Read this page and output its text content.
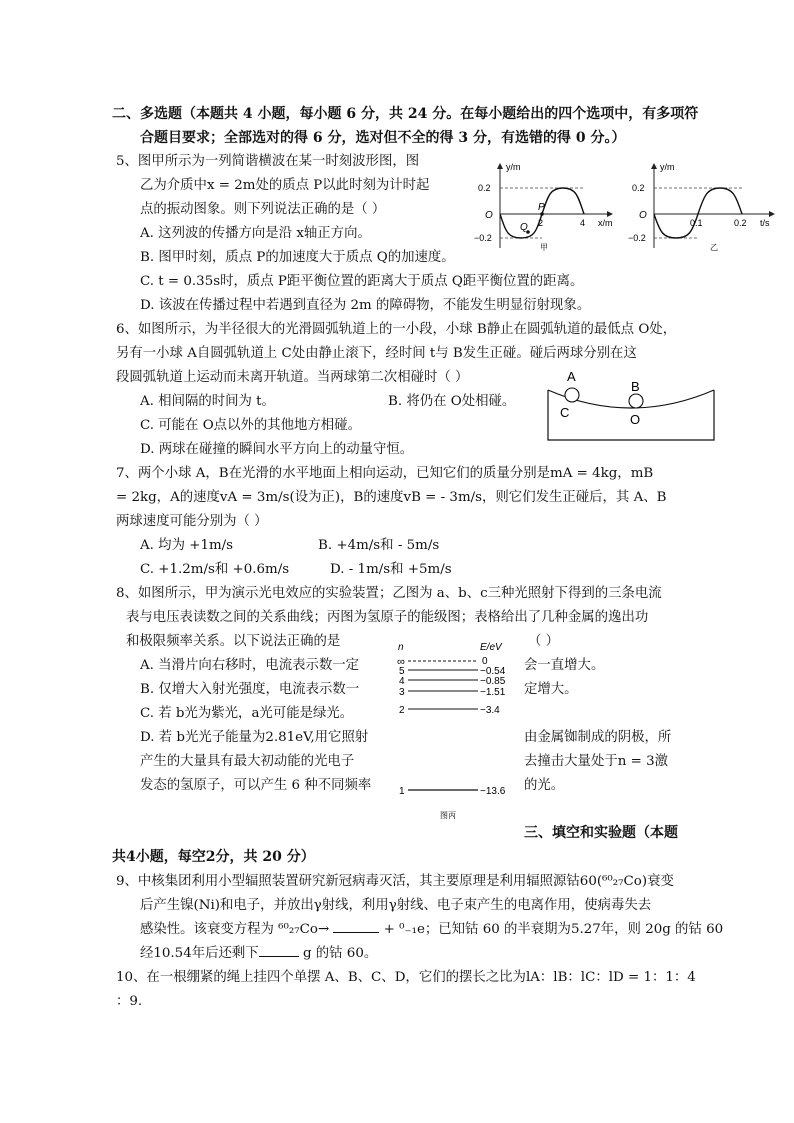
二、多选题（本题共 4 小题，每小题 6 分，共 24 分。在每小题给出的四个选项中，有多项符
合题目要求；全部选对的得 6 分，选对但不全的得 3 分，有选错的得 0 分。）
5、图甲所示为一列简谐横波在某一时刻波形图，图
乙为介质中x = 2m处的质点 P以此时刻为计时起
点的振动图象。则下列说法正确的是（ ）
A. 这列波的传播方向是沿 x轴正方向。
B. 图甲时刻，质点 P的加速度大于质点 Q的加速度。
C. t = 0.35s时，质点 P距平衡位置的距离大于质点 Q距平衡位置的距离。
D. 该波在传播过程中若遇到直径为 2m 的障碍物，不能发生明显衍射现象。
y/m
0.2
−0.2
O
2	4 x/m
P
Q
甲
y/m
0.2
−0.2
O
0.1	0.2 t/s
乙
6、如图所示，为半径很大的光滑圆弧轨道上的一小段，小球 B静止在圆弧轨道的最低点 O处，
另有一小球 A自圆弧轨道上 C处由静止滚下，经时间 t与 B发生正碰。碰后两球分别在这
段圆弧轨道上运动而未离开轨道。当两球第二次相碰时（ ）
A. 相间隔的时间为 t。	B. 将仍在 O处相碰。
C. 可能在 O点以外的其他地方相碰。
D. 两球在碰撞的瞬间水平方向上的动量守恒。
A
B
C	O
7、两个小球 A，B在光滑的水平地面上相向运动，已知它们的质量分别是mA = 4kg，mB
= 2kg，A的速度vA = 3m/s(设为正)，B的速度vB = - 3m/s，则它们发生正碰后，其 A、B
两球速度可能分别为（ ）
A. 均为 +1m/s	B. +4m/s和 - 5m/s
C. +1.2m/s和 +0.6m/s	D. - 1m/s和 +5m/s
8、如图所示，甲为演示光电效应的实验装置；乙图为 a、b、c三种光照射下得到的三条电流
表与电压表读数之间的关系曲线；丙图为氢原子的能级图；表格给出了几种金属的逸出功
和极限频率关系。以下说法正确的是	（ ）
A. 当滑片向右移时，电流表示数一定	会一直增大。
B. 仅增大入射光强度，电流表示数一	定增大。
C. 若 b光为紫光，a光可能是绿光。
D. 若 b光光子能量为2.81eV,用它照射	由金属铷制成的阴极，所
产生的大量具有最大初动能的光电子	去撞击大量处于n = 3激
发态的氢原子，可以产生 6 种不同频率	的光。
n	E/eV
∞
5
4
3
2
1
0
−0.54
−0.85
−1.51
−3.4
−13.6
图丙
三、填空和实验题（本题
共4小题，每空2分，共 20 分）
9、中核集团利用小型辐照装置研究新冠病毒灭活，其主要原理是利用辐照源钴60(⁶⁰₂₇Co)衰变
后产生镍(Ni)和电子，并放出γ射线，利用γ射线、电子束产生的电离作用，使病毒失去
感染性。该衰变方程为 ⁶⁰₂₇Co→	+ ⁰₋₁e；已知钴 60 的半衰期为5.27年，则 20g 的钴 60
经10.54年后还剩下	g 的钴 60。
10、在一根绷紧的绳上挂四个单摆 A、B、C、D，它们的摆长之比为lA：lB：lC：lD = 1：1：4
：9.
